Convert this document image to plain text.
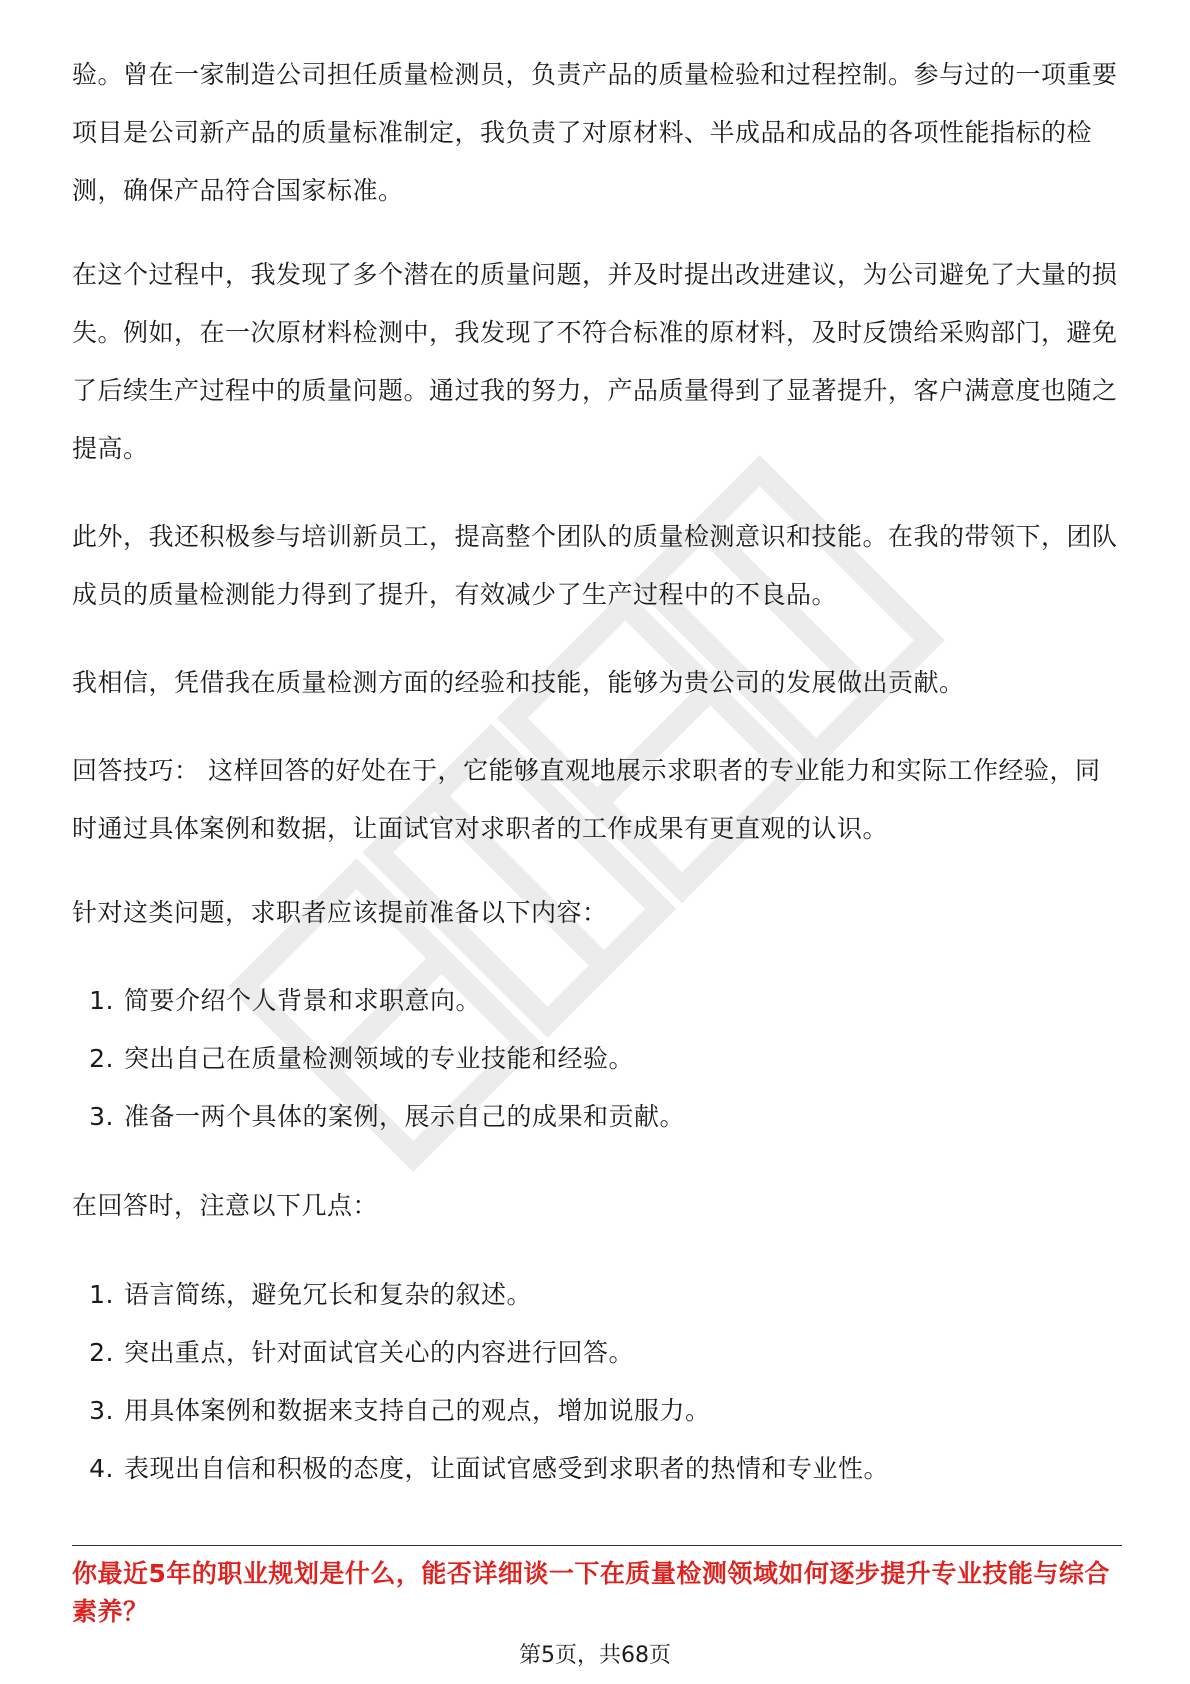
验。曾在一家制造公司担任质量检测员，负责产品的质量检验和过程控制。参与过的一项重要项目是公司新产品的质量标准制定，我负责了对原材料、半成品和成品的各项性能指标的检测，确保产品符合国家标准。

在这个过程中，我发现了多个潜在的质量问题，并及时提出改进建议，为公司避免了大量的损失。例如，在一次原材料检测中，我发现了不符合标准的原材料，及时反馈给采购部门，避免了后续生产过程中的质量问题。通过我的努力，产品质量得到了显著提升，客户满意度也随之提高。

此外，我还积极参与培训新员工，提高整个团队的质量检测意识和技能。在我的带领下，团队成员的质量检测能力得到了提升，有效减少了生产过程中的不良品。

我相信，凭借我在质量检测方面的经验和技能，能够为贵公司的发展做出贡献。

回答技巧： 这样回答的好处在于，它能够直观地展示求职者的专业能力和实际工作经验，同时通过具体案例和数据，让面试官对求职者的工作成果有更直观的认识。

针对这类问题，求职者应该提前准备以下内容：

1. 简要介绍个人背景和求职意向。
2. 突出自己在质量检测领域的专业技能和经验。
3. 准备一两个具体的案例，展示自己的成果和贡献。

在回答时，注意以下几点：

1. 语言简练，避免冗长和复杂的叙述。
2. 突出重点，针对面试官关心的内容进行回答。
3. 用具体案例和数据来支持自己的观点，增加说服力。
4. 表现出自信和积极的态度，让面试官感受到求职者的热情和专业性。

你最近5年的职业规划是什么，能否详细谈一下在质量检测领域如何逐步提升专业技能与综合素养？

第5页，共68页
